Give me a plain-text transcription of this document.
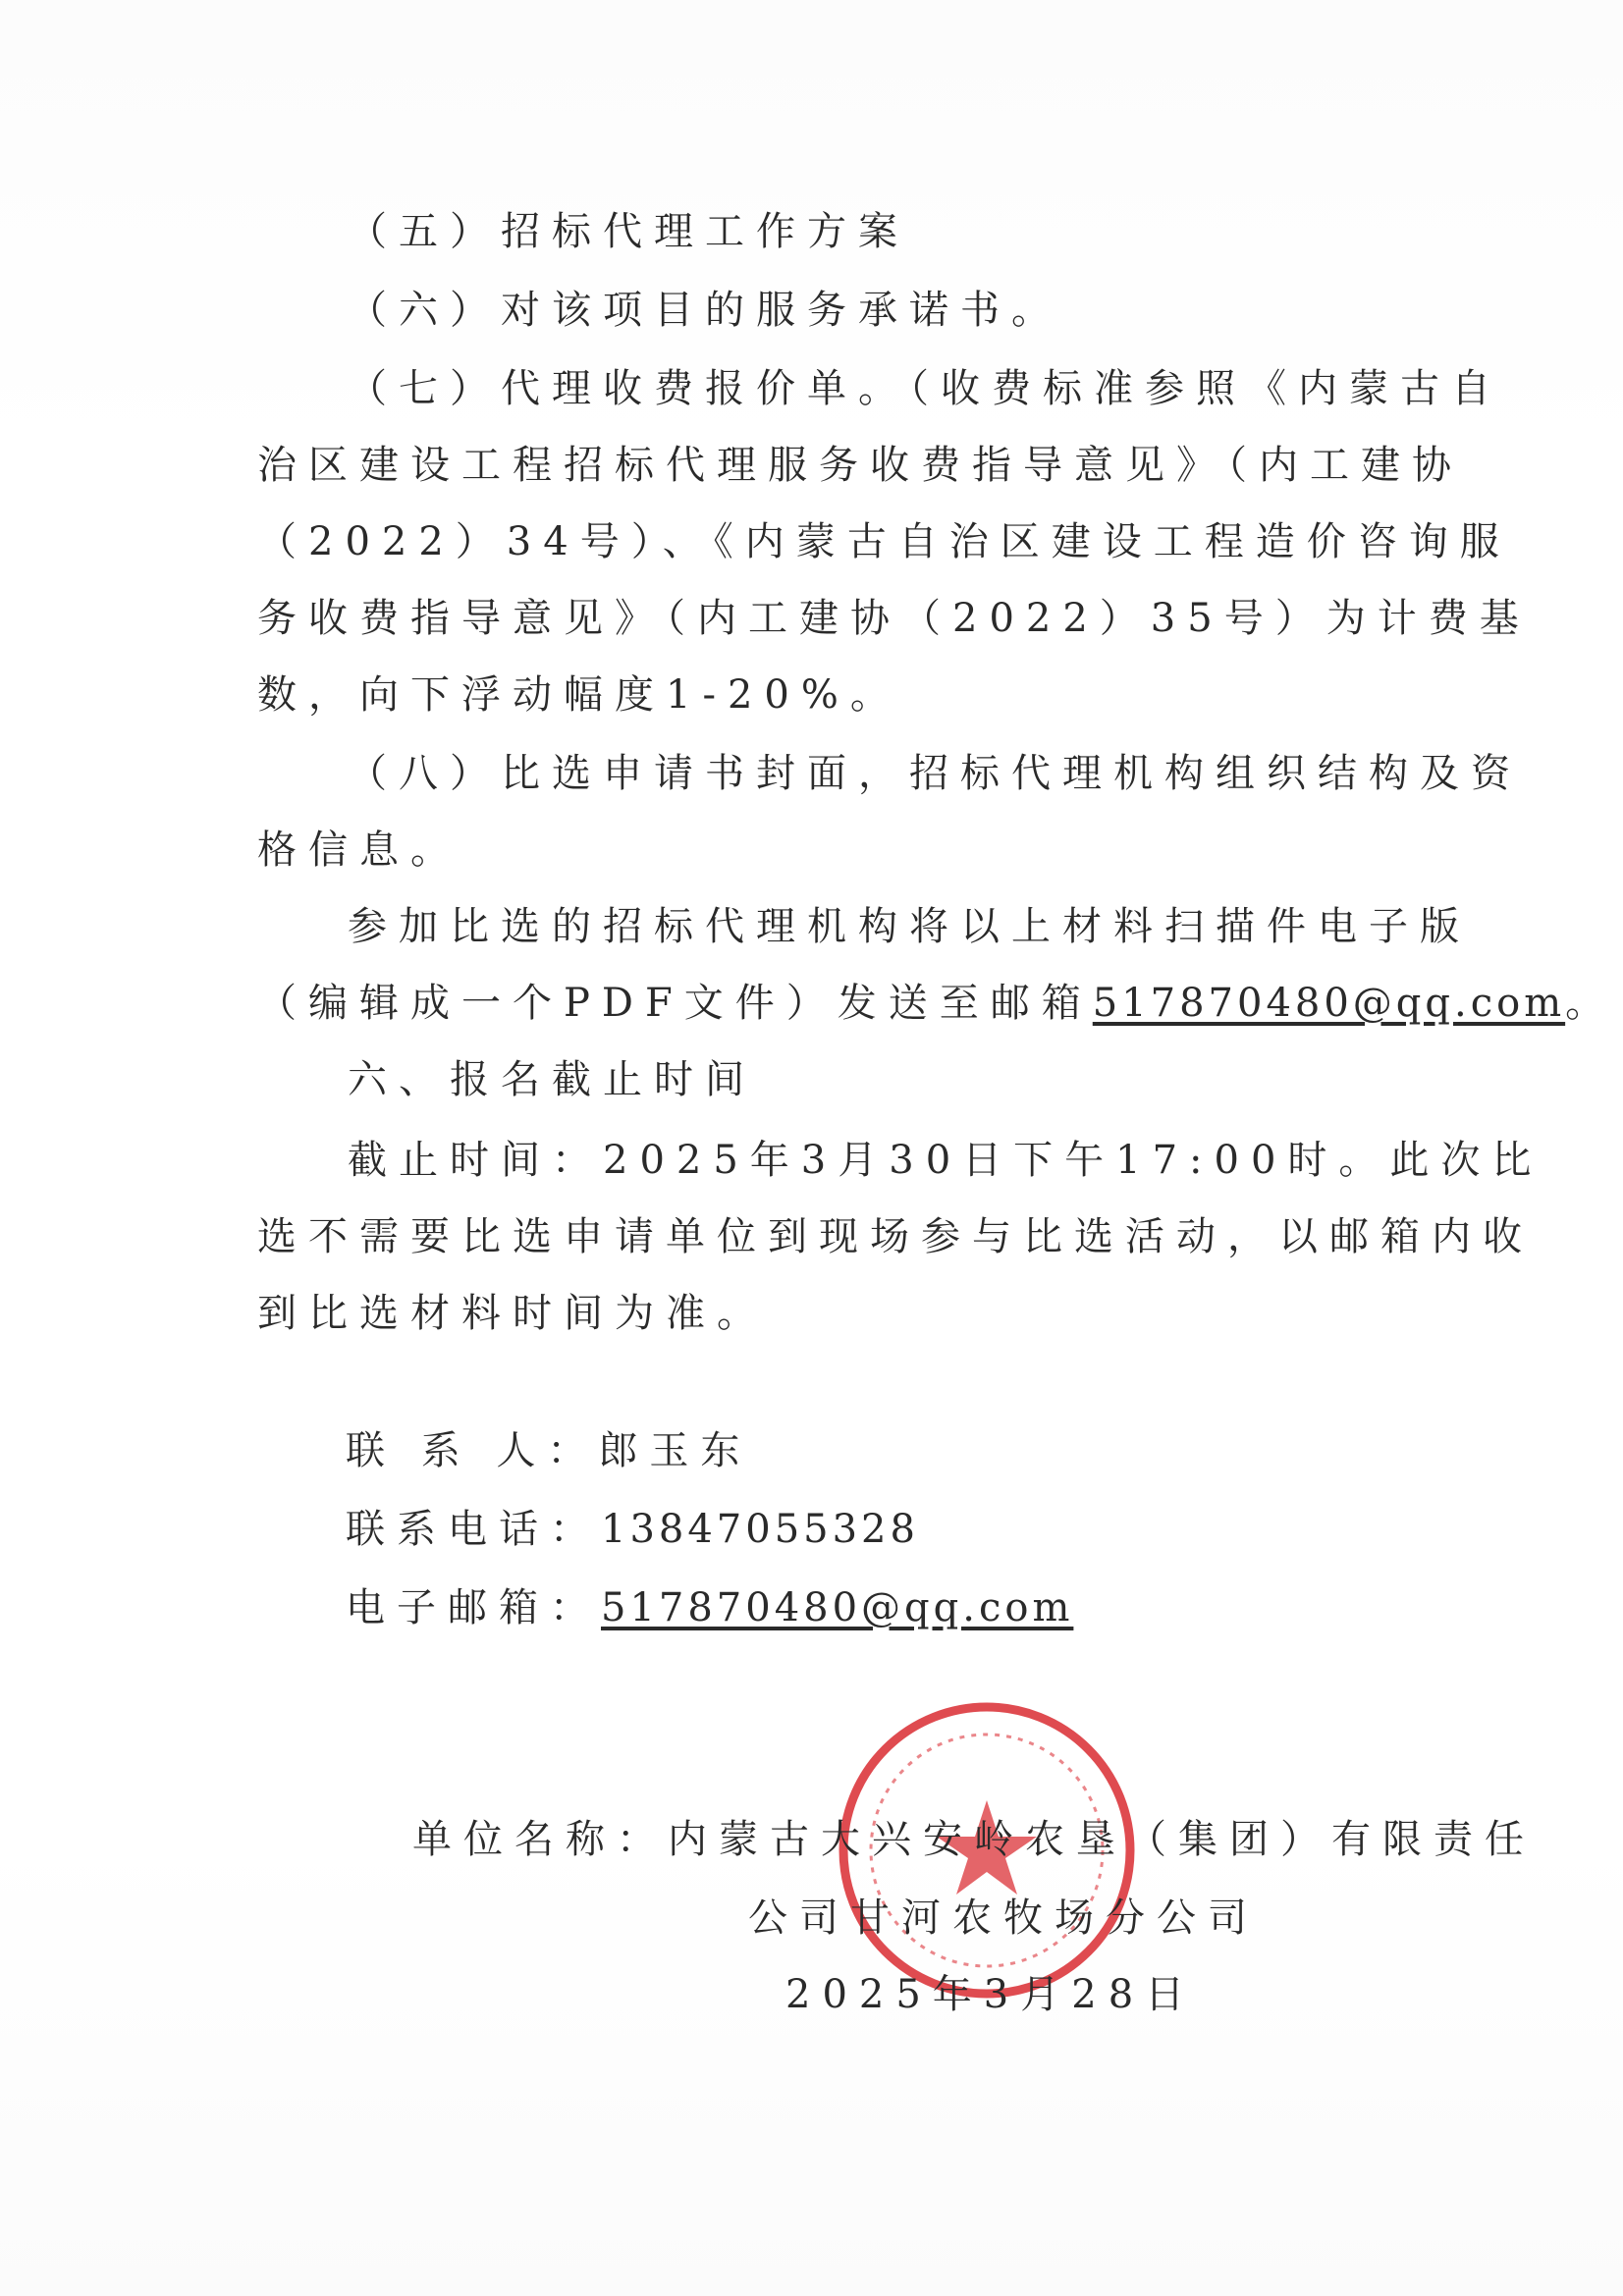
（五）招标代理工作方案
（六）对该项目的服务承诺书。
（七）代理收费报价单。（收费标准参照《内蒙古自
治区建设工程招标代理服务收费指导意见》（内工建协
（2022）34号）、《内蒙古自治区建设工程造价咨询服
务收费指导意见》（内工建协（2022）35号）为计费基
数，向下浮动幅度1-20%。
（八）比选申请书封面，招标代理机构组织结构及资
格信息。
参加比选的招标代理机构将以上材料扫描件电子版
（编辑成一个PDF文件）发送至邮箱517870480@qq.com。
六、报名截止时间
截止时间：2025年3月30日下午17:00时。此次比
选不需要比选申请单位到现场参与比选活动，以邮箱内收
到比选材料时间为准。
联 系 人：郎玉东
联系电话：13847055328
电子邮箱：517870480@qq.com
单位名称：内蒙古大兴安岭农垦（集团）有限责任
公司甘河农牧场分公司
2025年3月28日
